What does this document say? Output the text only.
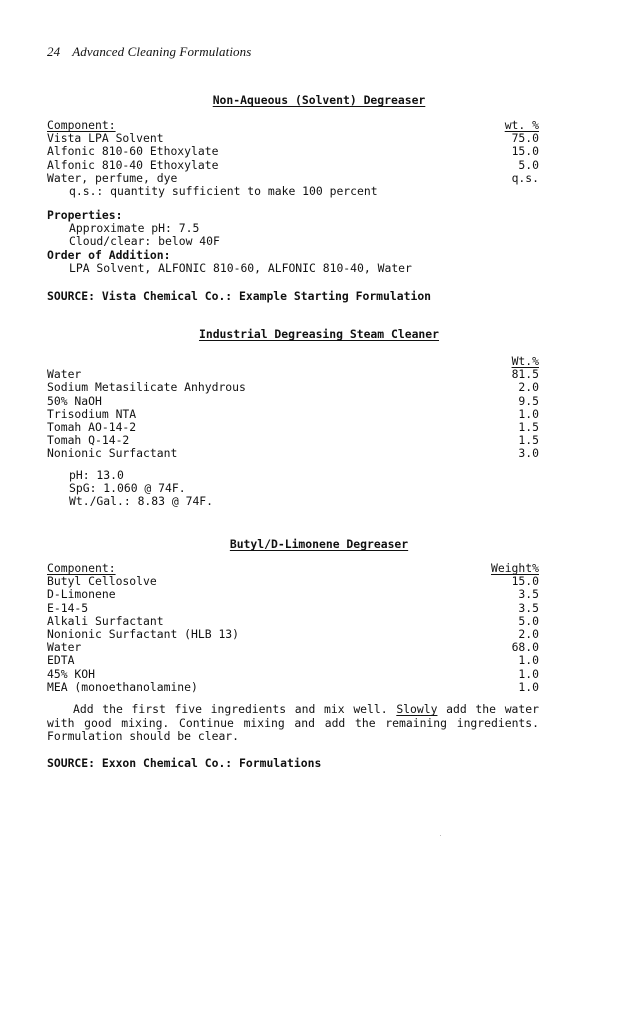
24 Advanced Cleaning Formulations
Non-Aqueous (Solvent) Degreaser
Component:	wt. %
Vista LPA Solvent	75.0
Alfonic 810-60 Ethoxylate	15.0
Alfonic 810-40 Ethoxylate	5.0
Water, perfume, dye	q.s.
q.s.: quantity sufficient to make 100 percent
Properties:
Approximate pH: 7.5
Cloud/clear: below 40F
Order of Addition:
LPA Solvent, ALFONIC 810-60, ALFONIC 810-40, Water
SOURCE: Vista Chemical Co.: Example Starting Formulation
Industrial Degreasing Steam Cleaner
Wt.%
Water	81.5
Sodium Metasilicate Anhydrous	2.0
50% NaOH	9.5
Trisodium NTA	1.0
Tomah AO-14-2	1.5
Tomah Q-14-2	1.5
Nonionic Surfactant	3.0
pH: 13.0
SpG: 1.060 @ 74F.
Wt./Gal.: 8.83 @ 74F.
Butyl/D-Limonene Degreaser
Component:	Weight%
Butyl Cellosolve	15.0
D-Limonene	3.5
E-14-5	3.5
Alkali Surfactant	5.0
Nonionic Surfactant (HLB 13)	2.0
Water	68.0
EDTA	1.0
45% KOH	1.0
MEA (monoethanolamine)	1.0

Add the first five ingredients and mix well. Slowly add the water with good mixing. Continue mixing and add the remaining ingredients. Formulation should be clear.

SOURCE: Exxon Chemical Co.: Formulations
